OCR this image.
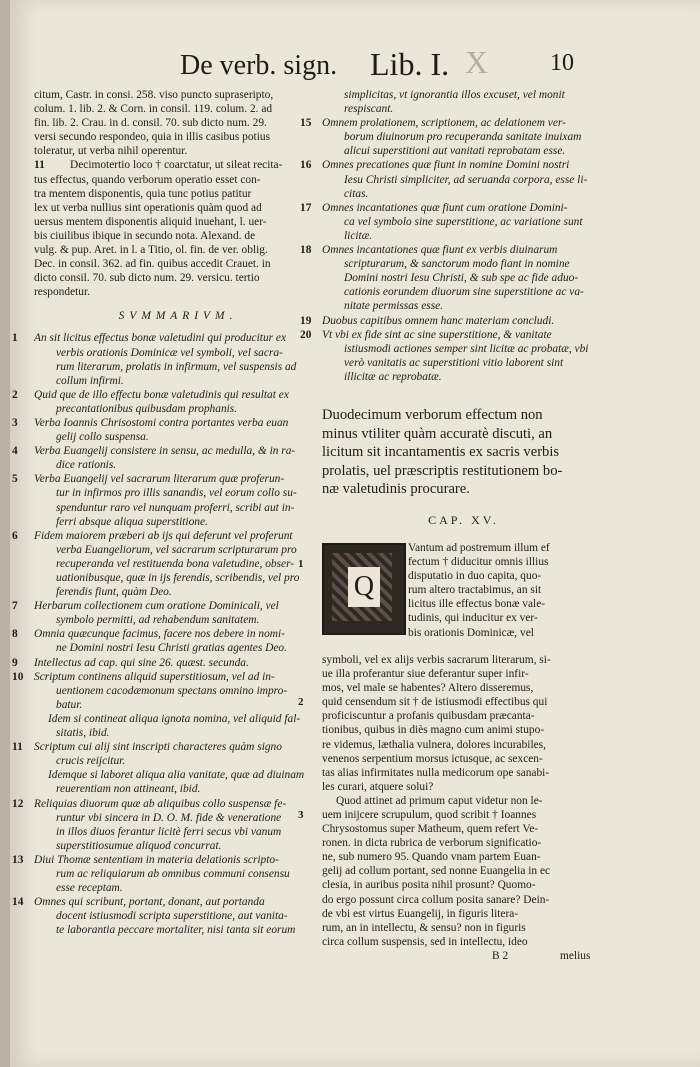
De verb. sign.	X
Lib. I.	10
citum, Castr. in consi. 258. viso puncto supraseripto,
colum. 1. lib. 2. & Corn. in consil. 119. colum. 2. ad
fin. lib. 2. Crau. in d. consil. 70. sub dicto num. 29.
versi secundo respondeo, quia in illis casibus potius
toleratur, ut verba nihil operentur.
11 Decimotertio loco † coarctatur, ut sileat recita-
tus effectus, quando verborum operatio esset con-
tra mentem disponentis, quia tunc potius patitur
lex ut verba nullius sint operationis quàm quod ad
uersus mentem disponentis aliquid inuehant, l. uer-
bis ciuilibus ibique in secundo nota. Alexand. de
vulg. & pup. Aret. in l. a Titio, ol. fin. de ver. oblig.
Dec. in consil. 362. ad fin. quibus accedit Crauet. in
dicto consil. 70. sub dicto num. 29. versicu. tertio
respondetur.
SVMMARIVM.
1 An sit licitus effectus bonæ valetudini qui producitur ex
verbis orationis Dominicæ vel symboli, vel sacra-
rum literarum, prolatis in infirmum, vel suspensis ad
collum infirmi.
2 Quid que de illo effectu bonæ valetudinis qui resultat ex
precantationibus quibusdam prophanis.
3 Verba Ioannis Chrisostomi contra portantes verba euan
gelij collo suspensa.
4 Verba Euangelij consistere in sensu, ac medulla, & in ra-
dice rationis.
5 Verba Euangelij vel sacrarum literarum quæ proferun-
tur in infirmos pro illis sanandis, vel eorum collo su-
spenduntur raro vel nunquam proferri, scribi aut in-
ferri absque aliqua superstitione.
6 Fidem maiorem præberi ab ijs qui deferunt vel proferunt
verba Euangeliorum, vel sacrarum scripturarum pro
recuperanda vel restituenda bona valetudine, obser-
uationibusque, quæ in ijs ferendis, scribendis, vel pro
ferendis fiunt, quàm Deo.
7 Herbarum collectionem cum oratione Dominicali, vel
symbolo permitti, ad rehabendum sanitatem.
8 Omnia quæcunque facimus, facere nos debere in nomi-
ne Domini nostri Iesu Christi gratias agentes Deo.
9 Intellectus ad cap. qui sine 26. quæst. secunda.
10 Scriptum continens aliquid superstitiosum, vel ad in-
uentionem cacodæmonum spectans omnino impro-
batur.
Idem si contineat aliqua ignota nomina, vel aliquid fal-
sitatis, ibid.
11 Scriptum cui alij sint inscripti characteres quàm signo
crucis reijcitur.
Idemque si laboret aliqua alia vanitate, quæ ad diuinam
reuerentiam non attineant, ibid.
12 Reliquias diuorum quæ ab aliquibus collo suspensæ fe-
runtur vbi sincera in D. O. M. fide & veneratione
in illos diuos ferantur licitè ferri secus vbi vanum
superstitiosumue aliquod concurrat.
13 Diui Thomæ sententiam in materia delationis scripto-
rum ac reliquiarum ab omnibus communi consensu
esse receptam.
14 Omnes qui scribunt, portant, donant, aut portanda
docent istiusmodi scripta superstitione, aut vanita-
te laborantia peccare mortaliter, nisi tanta sit eorum
simplicitas, vt ignorantia illos excuset, vel monit
respiscant.
15 Omnem prolationem, scriptionem, ac delationem ver-
borum diuinorum pro recuperanda sanitate inuixam
alicui superstitioni aut vanitati reprobatam esse.
16 Omnes precationes quæ fiunt in nomine Domini nostri
Iesu Christi simpliciter, ad seruanda corpora, esse li-
citas.
17 Omnes incantationes quæ fiunt cum oratione Domini-
ca vel symbolo sine superstitione, ac variatione sunt
licitæ.
18 Omnes incantationes quæ fiunt ex verbis diuinarum
scripturarum, & sanctorum modo fiant in nomine
Domini nostri Iesu Christi, & sub spe ac fide aduo-
cationis eorundem diuorum sine superstitione ac va-
nitate permissas esse.
19 Duobus capitibus omnem hanc materiam concludi.
20 Vt vbi ex fide sint ac sine superstitione, & vanitate
istiusmodi actiones semper sint licitæ ac probatæ, vbi
verò vanitatis ac superstitioni vitio laborent sint
illicitæ ac reprobatæ.
Duodecimum verborum effectum non
minus vtiliter quàm accuratè discuti, an
licitum sit incantamentis ex sacris verbis
prolatis, uel præscriptis restitutionem bo-
næ valetudinis procurare.
CAP. XV.
1
Q
Vantum ad postremum illum ef
fectum † diducitur omnis illius
disputatio in duo capita, quo-
rum altero tractabimus, an sit
licitus ille effectus bonæ vale-
tudinis, qui inducitur ex ver-
bis orationis Dominicæ, vel
symboli, vel ex alijs verbis sacrarum literarum, si-
ue illa proferantur siue deferantur super infir-
mos, vel male se habentes? Altero disseremus,
2 quid censendum sit † de istiusmodi effectibus qui
proficiscuntur a profanis quibusdam præcanta-
tionibus, quibus in diès magno cum animi stupo-
re videmus, læthalia vulnera, dolores incurabiles,
venenos serpentium morsus ictusque, ac sexcen-
tas alias infirmitates nulla medicorum ope sanabi-
les curari, atquere solui?
Quod attinet ad primum caput videtur non le-
3 uem inijcere scrupulum, quod scribit † Ioannes
Chrysostomus super Matheum, quem refert Ve-
ronen. in dicta rubrica de verborum significatio-
ne, sub numero 95. Quando vnam partem Euan-
gelij ad collum portant, sed nonne Euangelia in ec
clesia, in auribus posita nihil prosunt? Quomo-
do ergo possunt circa collum posita sanare? Dein-
de vbi est virtus Euangelij, in figuris litera-
rum, an in intellectu, & sensu? non in figuris
circa collum suspensis, sed in intellectu, ideo
B 2	melius
